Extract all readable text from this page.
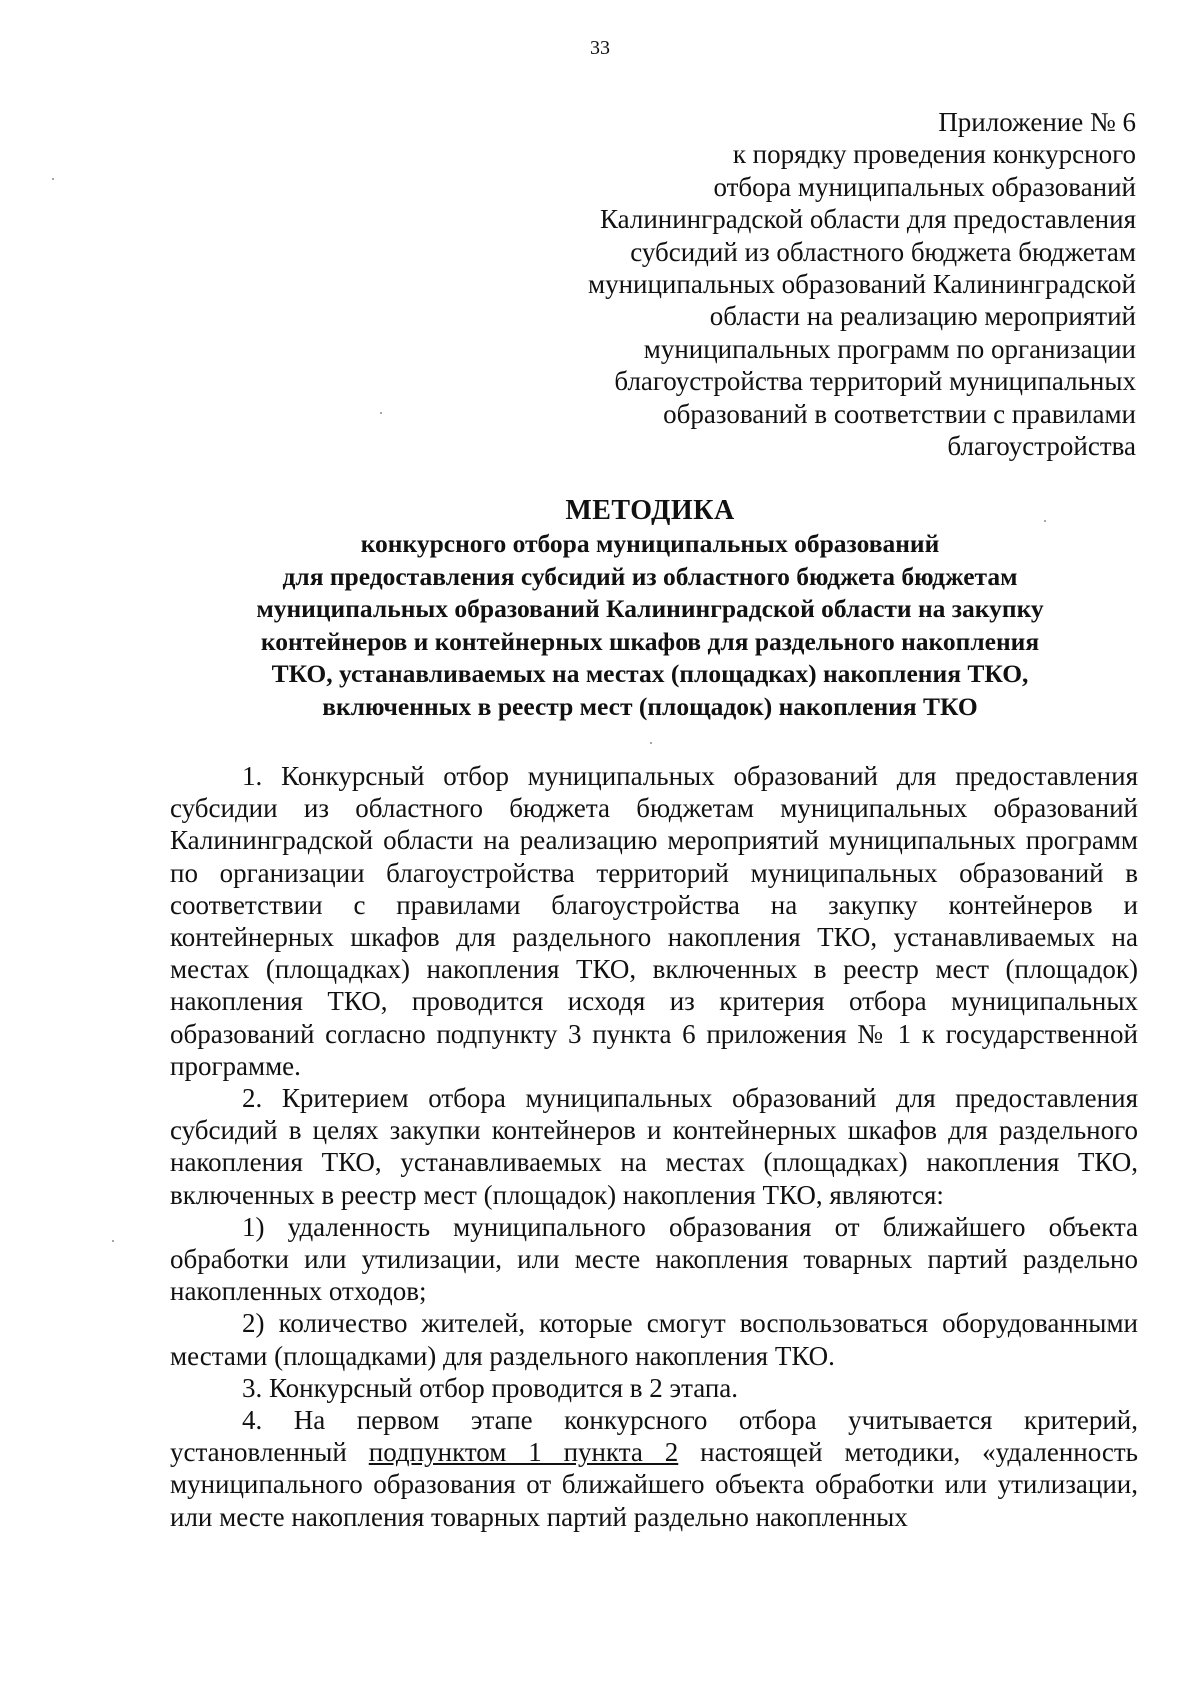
33
Приложение № 6
к порядку проведения конкурсного
отбора муниципальных образований
Калининградской области для предоставления
субсидий из областного бюджета бюджетам
муниципальных образований Калининградской
области на реализацию мероприятий
муниципальных программ по организации
благоустройства территорий муниципальных
образований в соответствии с правилами
благоустройства
МЕТОДИКА
конкурсного отбора муниципальных образований
для предоставления субсидий из областного бюджета бюджетам
муниципальных образований Калининградской области на закупку
контейнеров и контейнерных шкафов для раздельного накопления
ТКО, устанавливаемых на местах (площадках) накопления ТКО,
включенных в реестр мест (площадок) накопления ТКО

1. Конкурсный отбор муниципальных образований для предоставления субсидии из областного бюджета бюджетам муниципальных образований Калининградской области на реализацию мероприятий муниципальных программ по организации благоустройства территорий муниципальных образований в соответствии с правилами благоустройства на закупку контейнеров и контейнерных шкафов для раздельного накопления ТКО, устанавливаемых на местах (площадках) накопления ТКО, включенных в реестр мест (площадок) накопления ТКО, проводится исходя из критерия отбора муниципальных образований согласно подпункту 3 пункта 6 приложения № 1 к государственной программе.

2. Критерием отбора муниципальных образований для предоставления субсидий в целях закупки контейнеров и контейнерных шкафов для раздельного накопления ТКО, устанавливаемых на местах (площадках) накопления ТКО, включенных в реестр мест (площадок) накопления ТКО, являются:

1) удаленность муниципального образования от ближайшего объекта обработки или утилизации, или месте накопления товарных партий раздельно накопленных отходов;

2) количество жителей, которые смогут воспользоваться оборудованными местами (площадками) для раздельного накопления ТКО.

3. Конкурсный отбор проводится в 2 этапа.

4. На первом этапе конкурсного отбора учитывается критерий, установленный подпунктом 1 пункта 2 настоящей методики, «удаленность муниципального образования от ближайшего объекта обработки или утилизации, или месте накопления товарных партий раздельно накопленных
